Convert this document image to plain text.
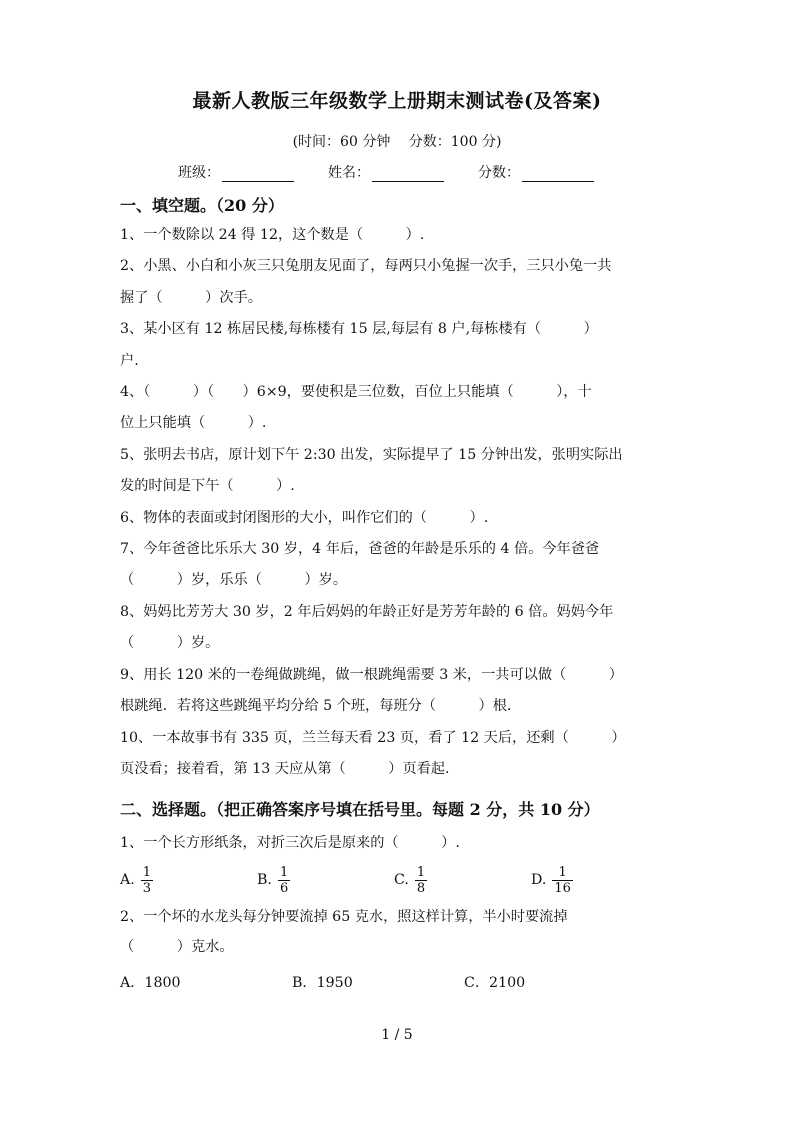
最新人教版三年级数学上册期末测试卷(及答案)
(时间：60 分钟　 分数：100 分)
班级：	姓名：	分数：
一、填空题。（20 分）

1、一个数除以 24 得 12，这个数是（　　　）.

2、小黑、小白和小灰三只兔朋友见面了，每两只小兔握一次手，三只小兔一共

握了（　　　）次手。

3、某小区有 12 栋居民楼,每栋楼有 15 层,每层有 8 户,每栋楼有（　　　）

户.

4、（　　　）（　　）6×9，要使积是三位数，百位上只能填（　　　），十

位上只能填（　　　）.

5、张明去书店，原计划下午 2:30 出发，实际提早了 15 分钟出发，张明实际出

发的时间是下午（　　　）.

6、物体的表面或封闭图形的大小，叫作它们的（　　　）.

7、今年爸爸比乐乐大 30 岁，4 年后，爸爸的年龄是乐乐的 4 倍。今年爸爸

（　　　）岁，乐乐（　　　）岁。

8、妈妈比芳芳大 30 岁，2 年后妈妈的年龄正好是芳芳年龄的 6 倍。妈妈今年

（　　　）岁。

9、用长 120 米的一卷绳做跳绳，做一根跳绳需要 3 米，一共可以做（　　　）

根跳绳．若将这些跳绳平均分给 5 个班，每班分（　　　）根.

10、一本故事书有 335 页，兰兰每天看 23 页，看了 12 天后，还剩（　　　）

页没看；接着看，第 13 天应从第（　　　）页看起.

二、选择题。（把正确答案序号填在括号里。每题 2 分，共 10 分）

1、一个长方形纸条，对折三次后是原来的（　　　）.

A. $\frac{1}{3}$	B. $\frac{1}{6}$	C. $\frac{1}{8}$	D. $\frac{1}{16}$

2、一个坏的水龙头每分钟要流掉 65 克水，照这样计算，半小时要流掉

（　　　）克水。

A．1800	B．1950	C．2100
1 / 5
